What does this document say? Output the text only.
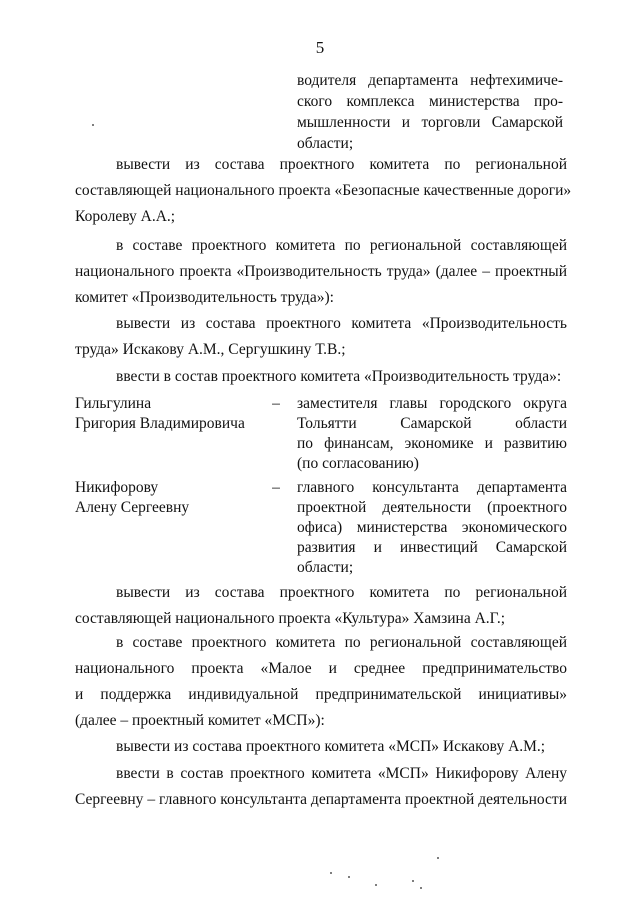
5
водителя департамента нефтехимиче-
ского комплекса министерства про-
мышленности и торговли Самарской
области;
вывести из состава проектного комитета по региональной
составляющей национального проекта «Безопасные качественные дороги»
Королеву А.А.;
в составе проектного комитета по региональной составляющей
национального проекта «Производительность труда» (далее – проектный
комитет «Производительность труда»):
вывести из состава проектного комитета «Производительность
труда» Искакову А.М., Сергушкину Т.В.;
ввести в состав проектного комитета «Производительность труда»:
Гильгулина
Григория Владимировича
– заместителя главы городского округа
Тольятти Самарской области
по финансам, экономике и развитию
(по согласованию)
Никифорову
Алену Сергеевну
– главного консультанта департамента
проектной деятельности (проектного
офиса) министерства экономического
развития и инвестиций Самарской
области;
вывести из состава проектного комитета по региональной
составляющей национального проекта «Культура» Хамзина А.Г.;
в составе проектного комитета по региональной составляющей
национального проекта «Малое и среднее предпринимательство
и поддержка индивидуальной предпринимательской инициативы»
(далее – проектный комитет «МСП»):
вывести из состава проектного комитета «МСП» Искакову А.М.;
ввести в состав проектного комитета «МСП» Никифорову Алену
Сергеевну – главного консультанта департамента проектной деятельности
